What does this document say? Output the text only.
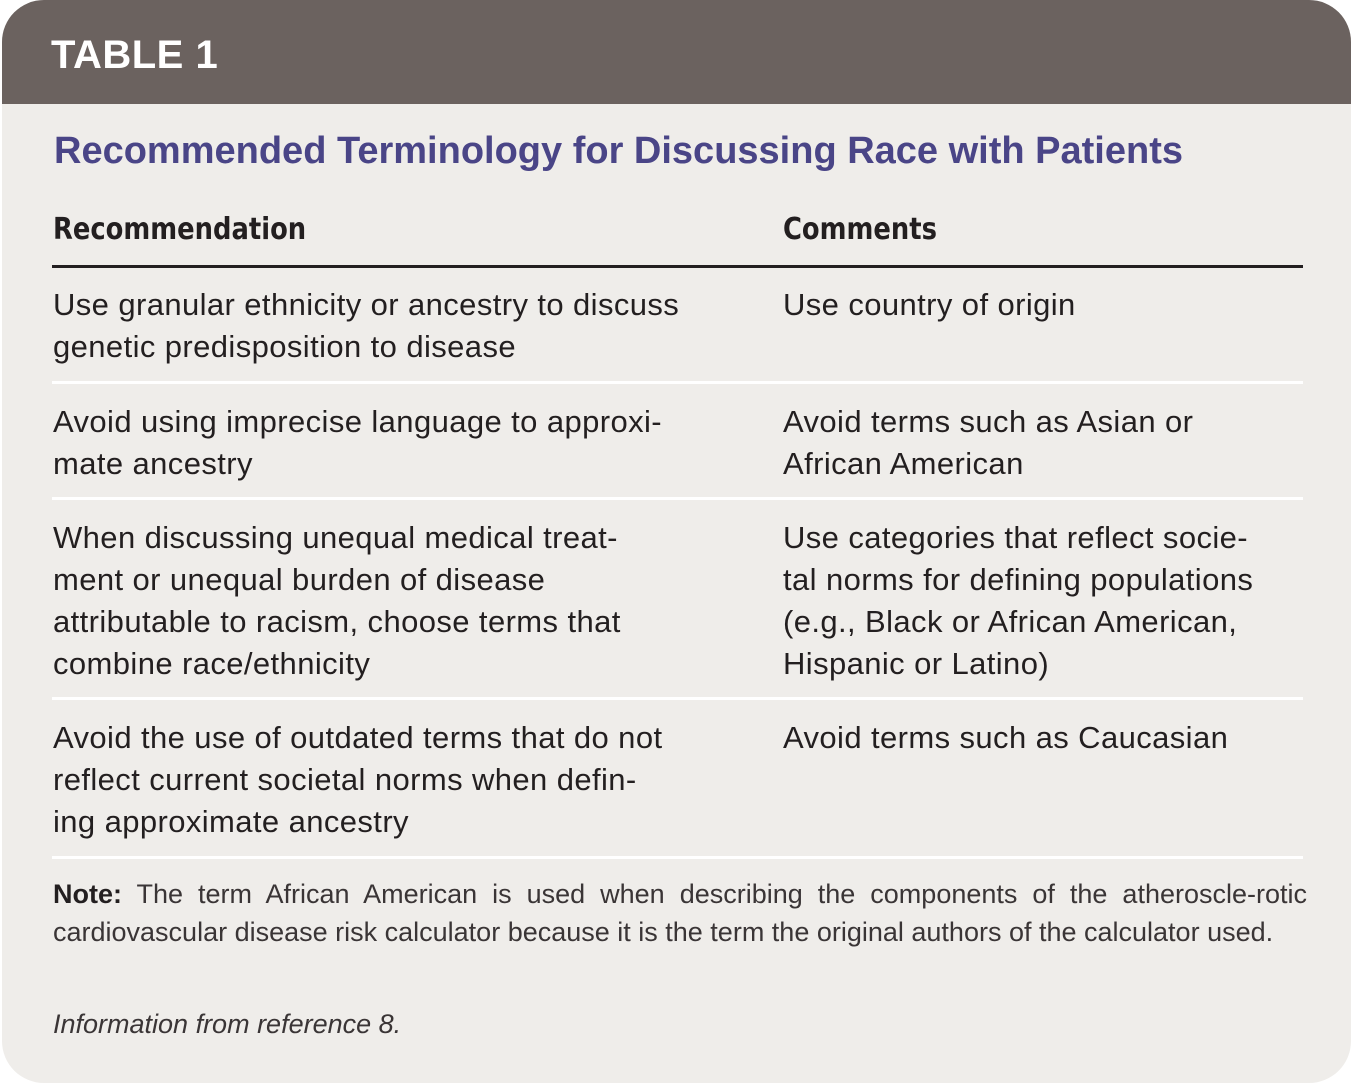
TABLE 1
Recommended Terminology for Discussing Race with Patients
Recommendation	Comments
Use granular ethnicity or ancestry to discuss
genetic predisposition to disease
Use country of origin
Avoid using imprecise language to approxi-
mate ancestry
Avoid terms such as Asian or
African American
When discussing unequal medical treat-
ment or unequal burden of disease
attributable to racism, choose terms that
combine race/ethnicity
Use categories that reflect socie-
tal norms for defining populations
(e.g., Black or African American,
Hispanic or Latino)
Avoid the use of outdated terms that do not
reflect current societal norms when defin-
ing approximate ancestry
Avoid terms such as Caucasian
Note: The term African American is used when describing the components of the atheroscle-rotic cardiovascular disease risk calculator because it is the term the original authors of the calculator used.
Information from reference 8.
